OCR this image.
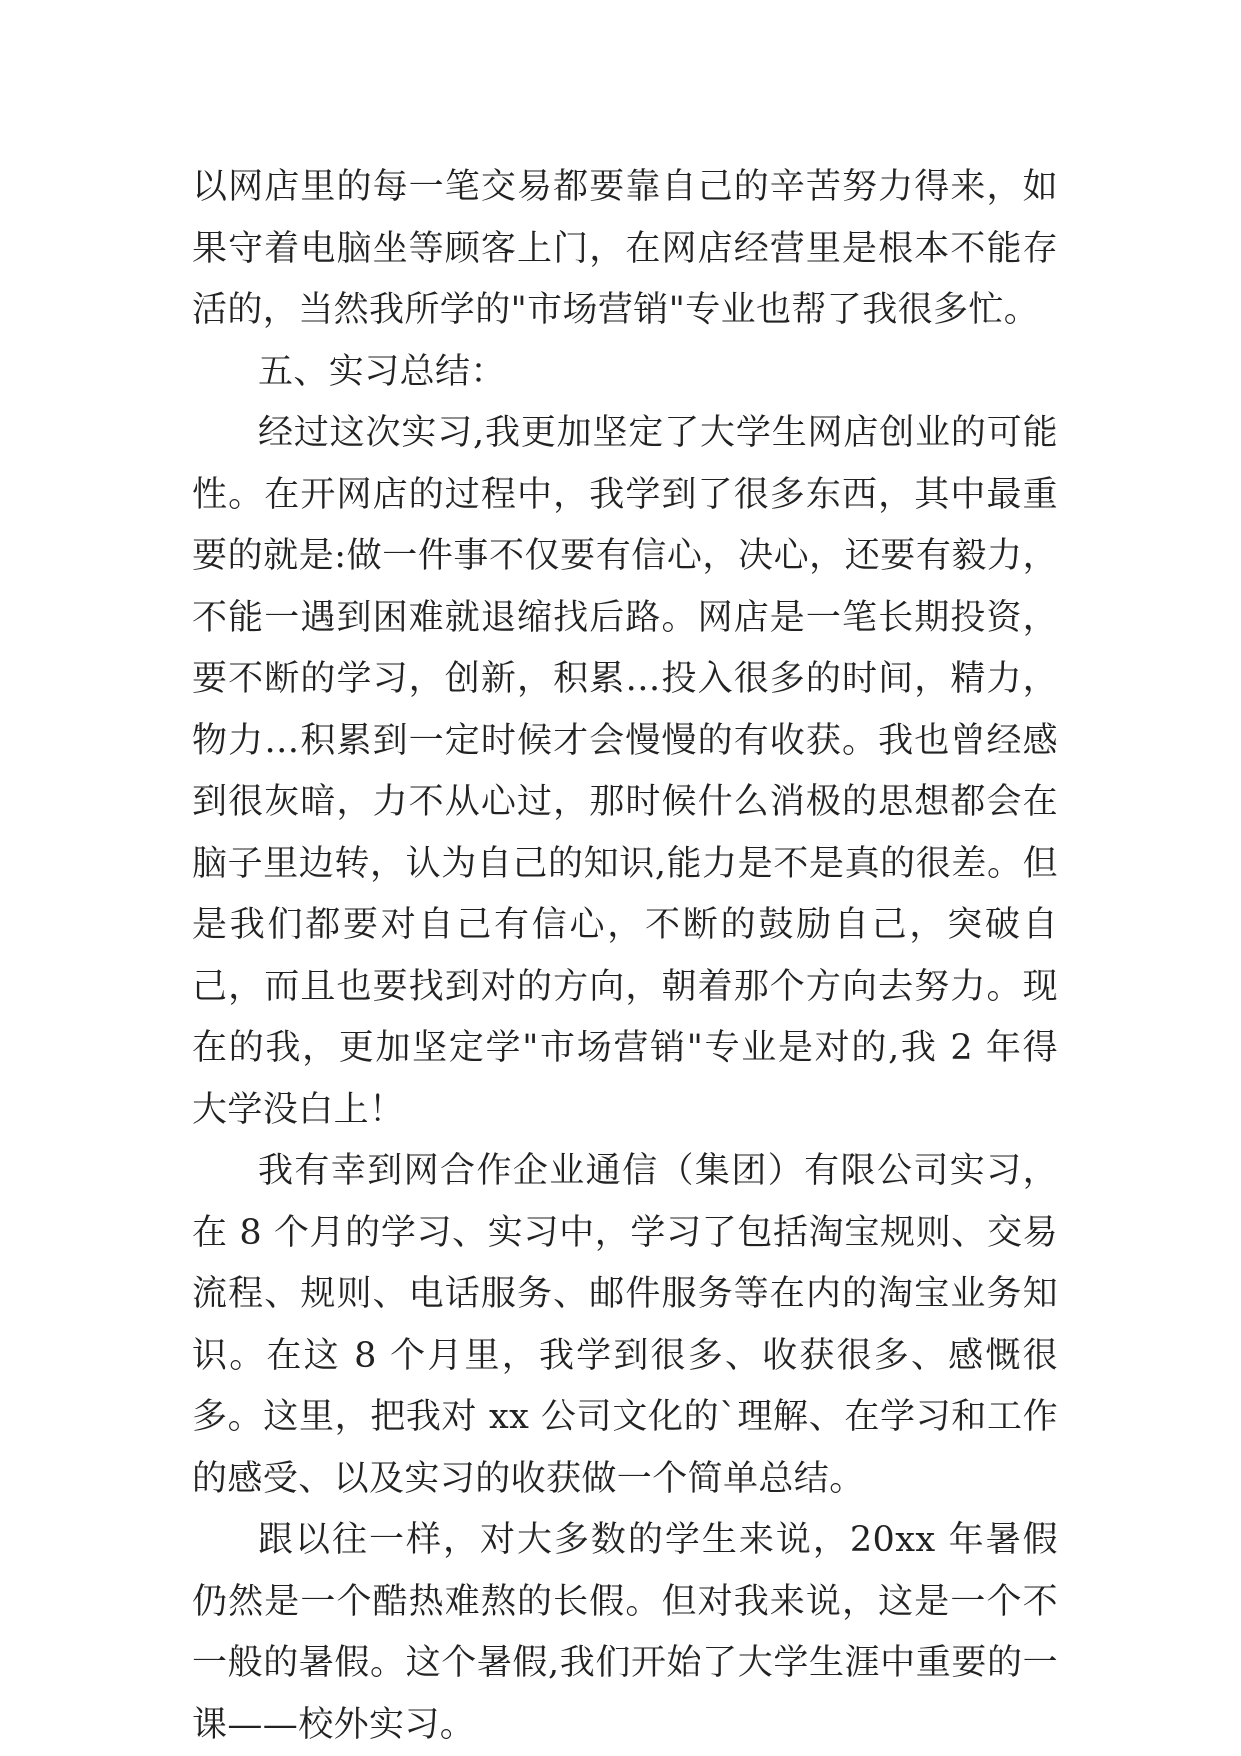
以网店里的每一笔交易都要靠自己的辛苦努力得来，如果守着电脑坐等顾客上门，在网店经营里是根本不能存活的，当然我所学的"市场营销"专业也帮了我很多忙。

五、实习总结：

经过这次实习,我更加坚定了大学生网店创业的可能性。在开网店的过程中，我学到了很多东西，其中最重要的就是:做一件事不仅要有信心，决心，还要有毅力，不能一遇到困难就退缩找后路。网店是一笔长期投资，要不断的学习，创新，积累…投入很多的时间，精力，物力…积累到一定时候才会慢慢的有收获。我也曾经感到很灰暗，力不从心过，那时候什么消极的思想都会在脑子里边转，认为自己的知识,能力是不是真的很差。但是我们都要对自己有信心，不断的鼓励自己，突破自己，而且也要找到对的方向，朝着那个方向去努力。现在的我，更加坚定学"市场营销"专业是对的,我 2 年得大学没白上！

我有幸到网合作企业通信（集团）有限公司实习，在 8 个月的学习、实习中，学习了包括淘宝规则、交易流程、规则、电话服务、邮件服务等在内的淘宝业务知识。在这 8 个月里，我学到很多、收获很多、感慨很多。这里，把我对 xx 公司文化的`理解、在学习和工作的感受、以及实习的收获做一个简单总结。

跟以往一样，对大多数的学生来说，20xx 年暑假仍然是一个酷热难熬的长假。但对我来说，这是一个不一般的暑假。这个暑假,我们开始了大学生涯中重要的一课——校外实习。
